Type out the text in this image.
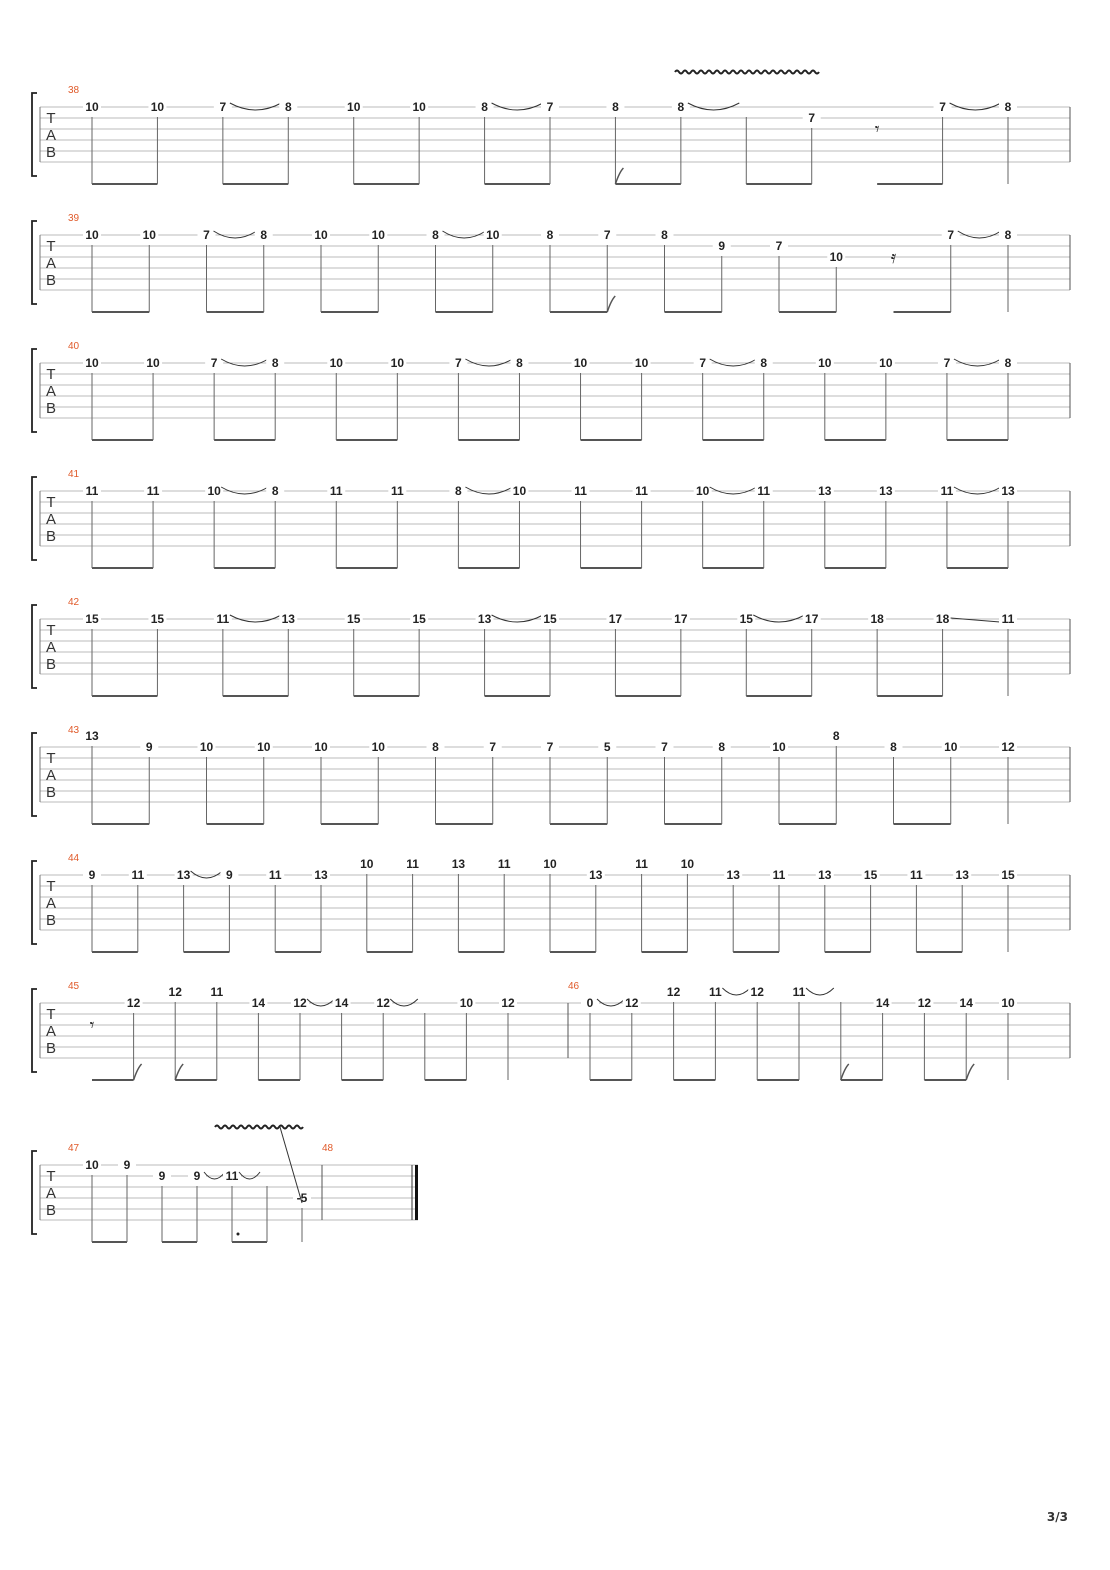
T
A
B
38
10	10	7	8	10	10	8	7	8	8
7
𝄾
7	8
T
A
B
39
10	10	7	8	10	10	8	10	8	7	8
9	7
10	𝄿
7	8
T
A
B
40
10	10	7	8	10	10	7	8	10	10	7	8	10	10	7	8
T
A
B
41
11	11	10	8	11	11	8	10	11	11	10	11	13	13	11	13
T
A
B
42
15	15	11	13	15	15	13	15	17	17	15	17	18	18	11
T
A
B
43 13
9	10	10	10	10	8	7	7	5	7	8	10
8
8	10	12
T
A
B
44
9	11	13	9	11	13
10	11	13	11	10
13
11	10
13	11	13	15	11	13	15
T
A
B
45
𝄾
12
12 11
14 12 14 12	10 12
46
0	12
12 11 12 11
14 12 14 10
T
A
B
47
10 9
9 9 11
-5
48
3/3
